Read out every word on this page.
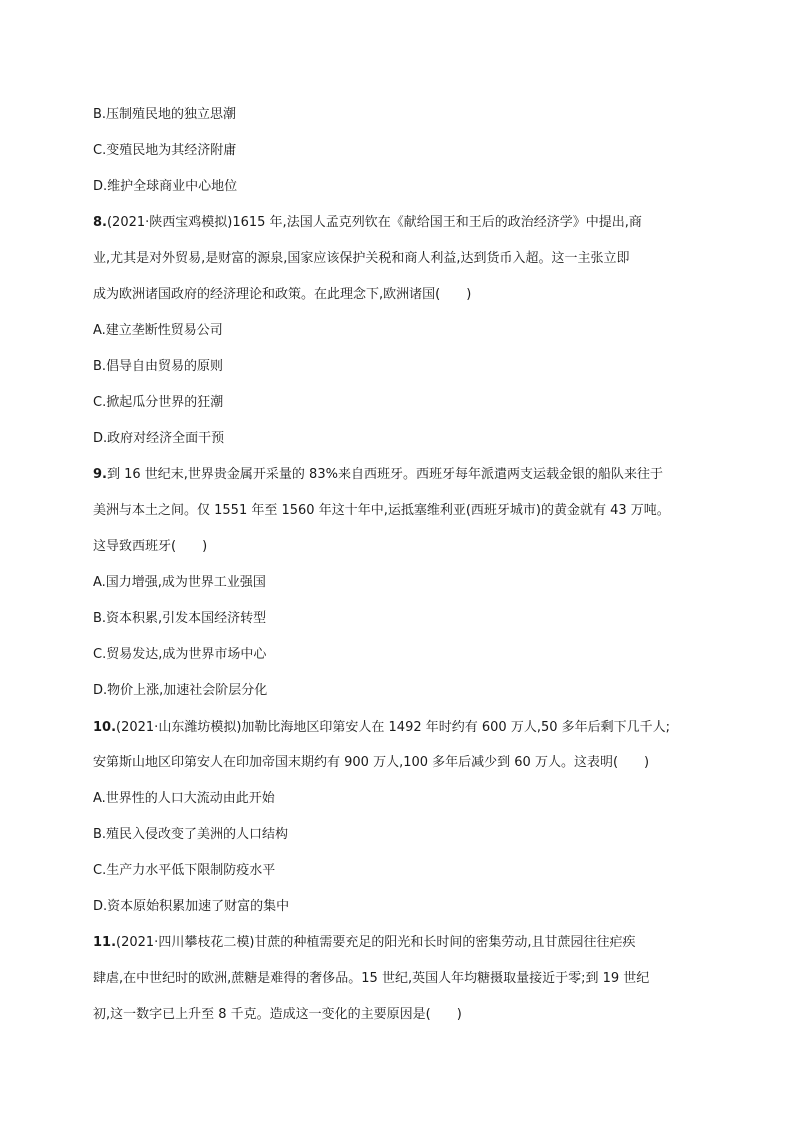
B.压制殖民地的独立思潮
C.变殖民地为其经济附庸
D.维护全球商业中心地位
8.(2021·陕西宝鸡模拟)1615 年,法国人孟克列钦在《献给国王和王后的政治经济学》中提出,商
业,尤其是对外贸易,是财富的源泉,国家应该保护关税和商人利益,达到货币入超。这一主张立即
成为欧洲诸国政府的经济理论和政策。在此理念下,欧洲诸国(　　)
A.建立垄断性贸易公司
B.倡导自由贸易的原则
C.掀起瓜分世界的狂潮
D.政府对经济全面干预
9.到 16 世纪末,世界贵金属开采量的 83%来自西班牙。西班牙每年派遣两支运载金银的船队来往于
美洲与本土之间。仅 1551 年至 1560 年这十年中,运抵塞维利亚(西班牙城市)的黄金就有 43 万吨。
这导致西班牙(　　)
A.国力增强,成为世界工业强国
B.资本积累,引发本国经济转型
C.贸易发达,成为世界市场中心
D.物价上涨,加速社会阶层分化
10.(2021·山东潍坊模拟)加勒比海地区印第安人在 1492 年时约有 600 万人,50 多年后剩下几千人;
安第斯山地区印第安人在印加帝国末期约有 900 万人,100 多年后减少到 60 万人。这表明(　　)
A.世界性的人口大流动由此开始
B.殖民入侵改变了美洲的人口结构
C.生产力水平低下限制防疫水平
D.资本原始积累加速了财富的集中
11.(2021·四川攀枝花二模)甘蔗的种植需要充足的阳光和长时间的密集劳动,且甘蔗园往往疟疾
肆虐,在中世纪时的欧洲,蔗糖是难得的奢侈品。15 世纪,英国人年均糖摄取量接近于零;到 19 世纪
初,这一数字已上升至 8 千克。造成这一变化的主要原因是(　　)
